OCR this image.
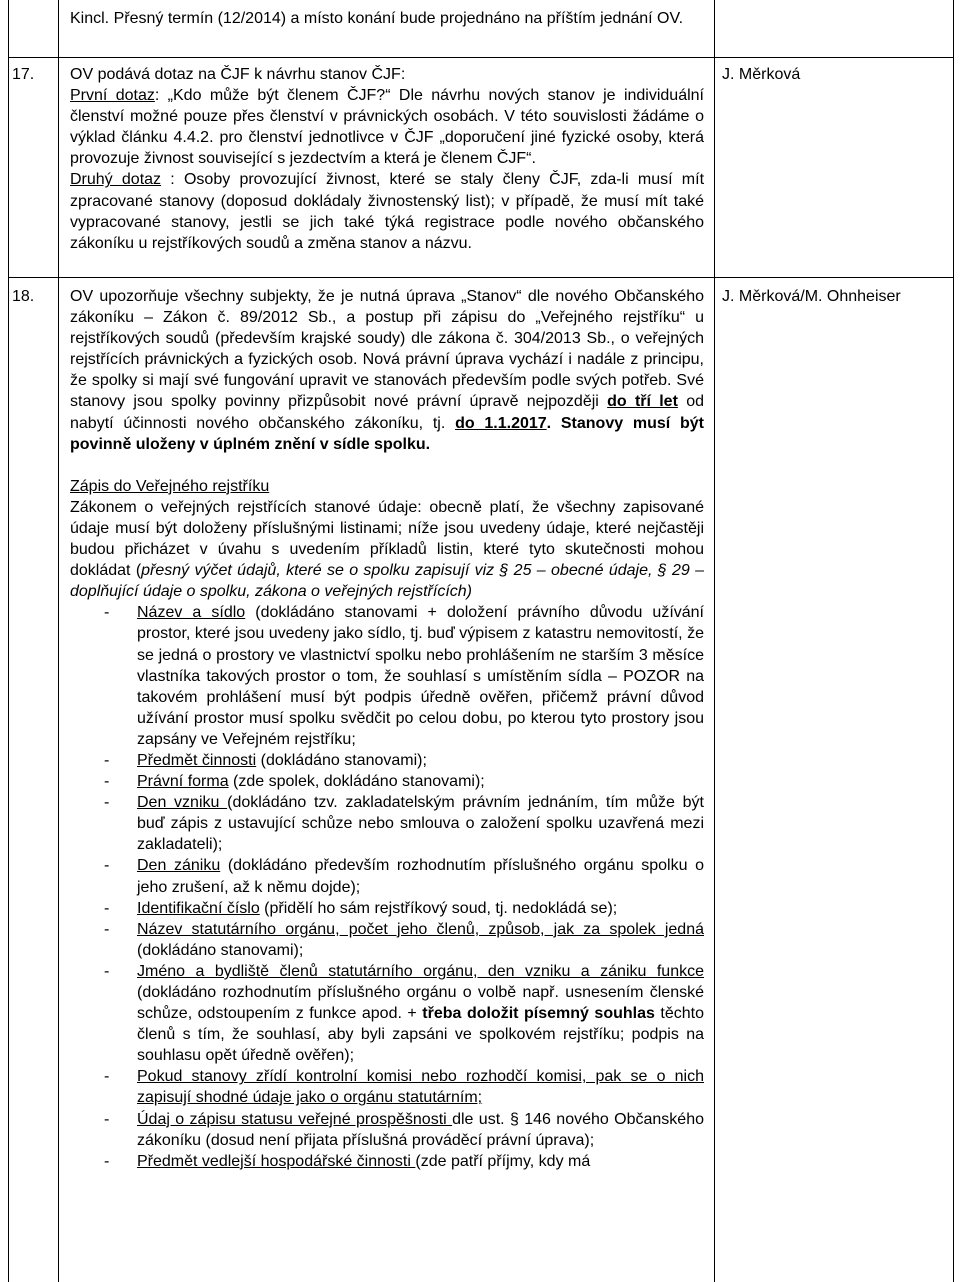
Kincl. Přesný termín (12/2014) a místo konání bude projednáno na příštím jednání OV.
17.	J. Měrková
OV podává dotaz na ČJF k návrhu stanov ČJF:
První dotaz: „Kdo může být členem ČJF?“ Dle návrhu nových stanov je individuální členství možné pouze přes členství v právnických osobách. V této souvislosti žádáme o výklad článku 4.4.2. pro členství jednotlivce v ČJF „doporučení jiné fyzické osoby, která provozuje živnost související s jezdectvím a která je členem ČJF“.
Druhý dotaz : Osoby provozující živnost, které se staly členy ČJF, zda-li musí mít zpracované stanovy (doposud dokládaly živnostenský list); v případě, že musí mít také vypracované stanovy, jestli se jich také týká registrace podle nového občanského zákoníku u rejstříkových soudů a změna stanov a názvu.
18.	J. Měrková/M. Ohnheiser

OV upozorňuje všechny subjekty, že je nutná úprava „Stanov“ dle nového Občanského zákoníku – Zákon č. 89/2012 Sb., a postup při zápisu do „Veřejného rejstříku“ u rejstříkových soudů (především krajské soudy) dle zákona č. 304/2013 Sb., o veřejných rejstřících právnických a fyzických osob. Nová právní úprava vychází i nadále z principu, že spolky si mají své fungování upravit ve stanovách především podle svých potřeb. Své stanovy jsou spolky povinny přizpůsobit nové právní úpravě nejpozději do tří let od nabytí účinnosti nového občanského zákoníku, tj. do 1.1.2017. Stanovy musí být povinně uloženy v úplném znění v sídle spolku.

Zápis do Veřejného rejstříku

Zákonem o veřejných rejstřících stanové údaje: obecně platí, že všechny zapisované údaje musí být doloženy příslušnými listinami; níže jsou uvedeny údaje, které nejčastěji budou přicházet v úvahu s uvedením příkladů listin, které tyto skutečnosti mohou dokládat (přesný výčet údajů, které se o spolku zapisují viz § 25 – obecné údaje, § 29 – doplňující údaje o spolku, zákona o veřejných rejstřících)

- Název a sídlo (dokládáno stanovami + doložení právního důvodu užívání prostor, které jsou uvedeny jako sídlo, tj. buď výpisem z katastru nemovitostí, že se jedná o prostory ve vlastnictví spolku nebo prohlášením ne starším 3 měsíce vlastníka takových prostor o tom, že souhlasí s umístěním sídla – POZOR na takovém prohlášení musí být podpis úředně ověřen, přičemž právní důvod užívání prostor musí spolku svědčit po celou dobu, po kterou tyto prostory jsou zapsány ve Veřejném rejstříku;
- Předmět činnosti (dokládáno stanovami);
- Právní forma (zde spolek, dokládáno stanovami);
- Den vzniku (dokládáno tzv. zakladatelským právním jednáním, tím může být buď zápis z ustavující schůze nebo smlouva o založení spolku uzavřená mezi zakladateli);
- Den zániku (dokládáno především rozhodnutím příslušného orgánu spolku o jeho zrušení, až k němu dojde);
- Identifikační číslo (přidělí ho sám rejstříkový soud, tj. nedokládá se);
- Název statutárního orgánu, počet jeho členů, způsob, jak za spolek jedná (dokládáno stanovami);
- Jméno a bydliště členů statutárního orgánu, den vzniku a zániku funkce (dokládáno rozhodnutím příslušného orgánu o volbě např. usnesením členské schůze, odstoupením z funkce apod. + třeba doložit písemný souhlas těchto členů s tím, že souhlasí, aby byli zapsáni ve spolkovém rejstříku; podpis na souhlasu opět úředně ověřen);
- Pokud stanovy zřídí kontrolní komisi nebo rozhodčí komisi, pak se o nich zapisují shodné údaje jako o orgánu statutárním;
- Údaj o zápisu statusu veřejné prospěšnosti dle ust. § 146 nového Občanského zákoníku (dosud není přijata příslušná prováděcí právní úprava);
- Předmět vedlejší hospodářské činnosti (zde patří příjmy, kdy má
